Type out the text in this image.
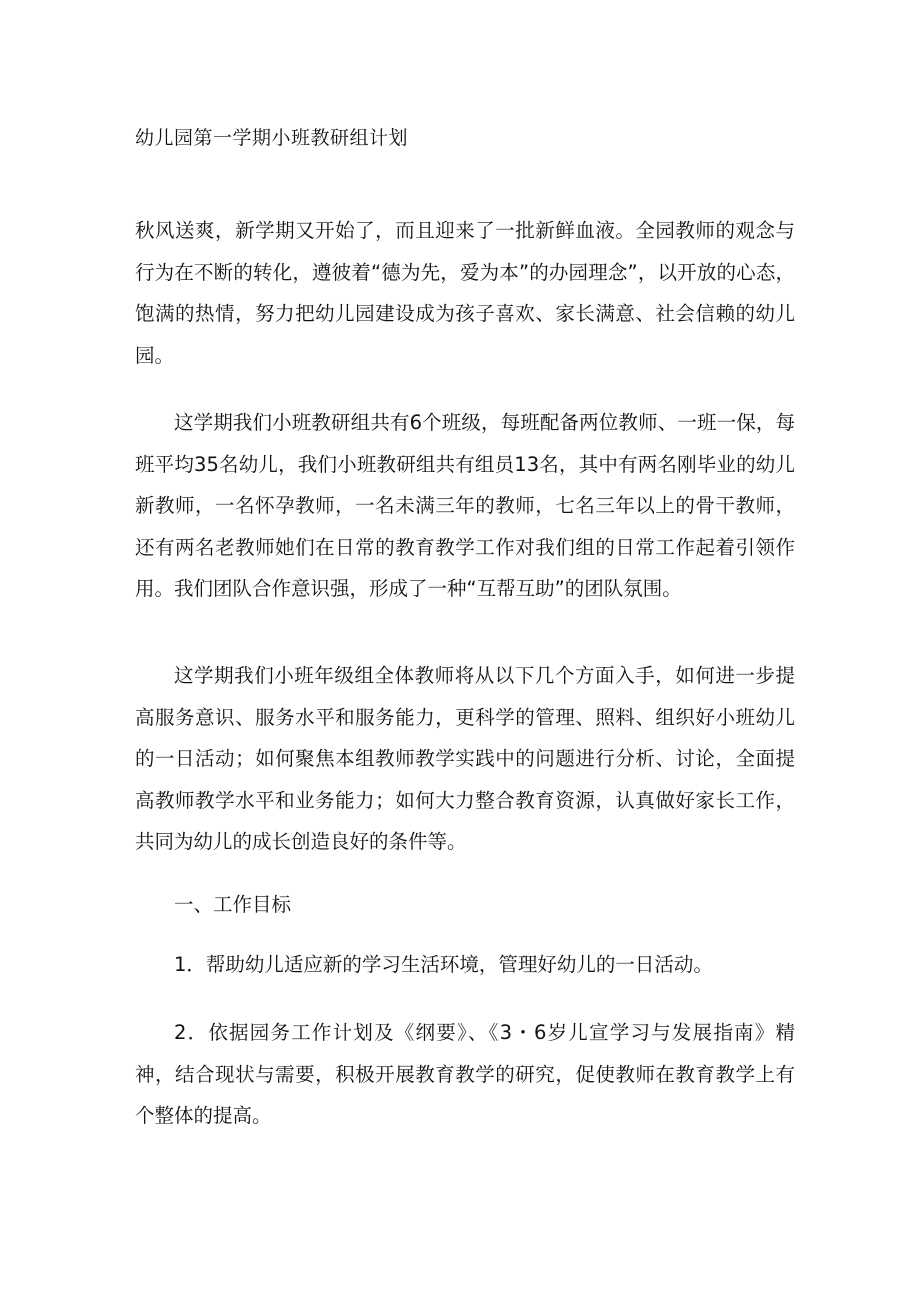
幼儿园第一学期小班教研组计划

秋风送爽，新学期又开始了，而且迎来了一批新鲜血液。全园教师的观念与行为在不断的转化，遵彼着“德为先，爱为本”的办园理念”，以开放的心态，饱满的热情，努力把幼儿园建设成为孩子喜欢、家长满意、社会信赖的幼儿园。

这学期我们小班教研组共有6个班级，每班配备两位教师、一班一保，每班平均35名幼儿，我们小班教研组共有组员13名，其中有两名刚毕业的幼儿新教师，一名怀孕教师，一名未满三年的教师，七名三年以上的骨干教师，还有两名老教师她们在日常的教育教学工作对我们组的日常工作起着引领作用。我们团队合作意识强，形成了一种“互帮互助”的团队氛围。

这学期我们小班年级组全体教师将从以下几个方面入手，如何进一步提高服务意识、服务水平和服务能力，更科学的管理、照料、组织好小班幼儿的一日活动；如何聚焦本组教师教学实践中的问题进行分析、讨论，全面提高教师教学水平和业务能力；如何大力整合教育资源，认真做好家长工作，共同为幼儿的成长创造良好的条件等。

一、工作目标

1．帮助幼儿适应新的学习生活环境，管理好幼儿的一日活动。

2．依据园务工作计划及《纲要》、《3・6岁儿宣学习与发展指南》精神，结合现状与需要，积极开展教育教学的研究，促使教师在教育教学上有个整体的提高。
